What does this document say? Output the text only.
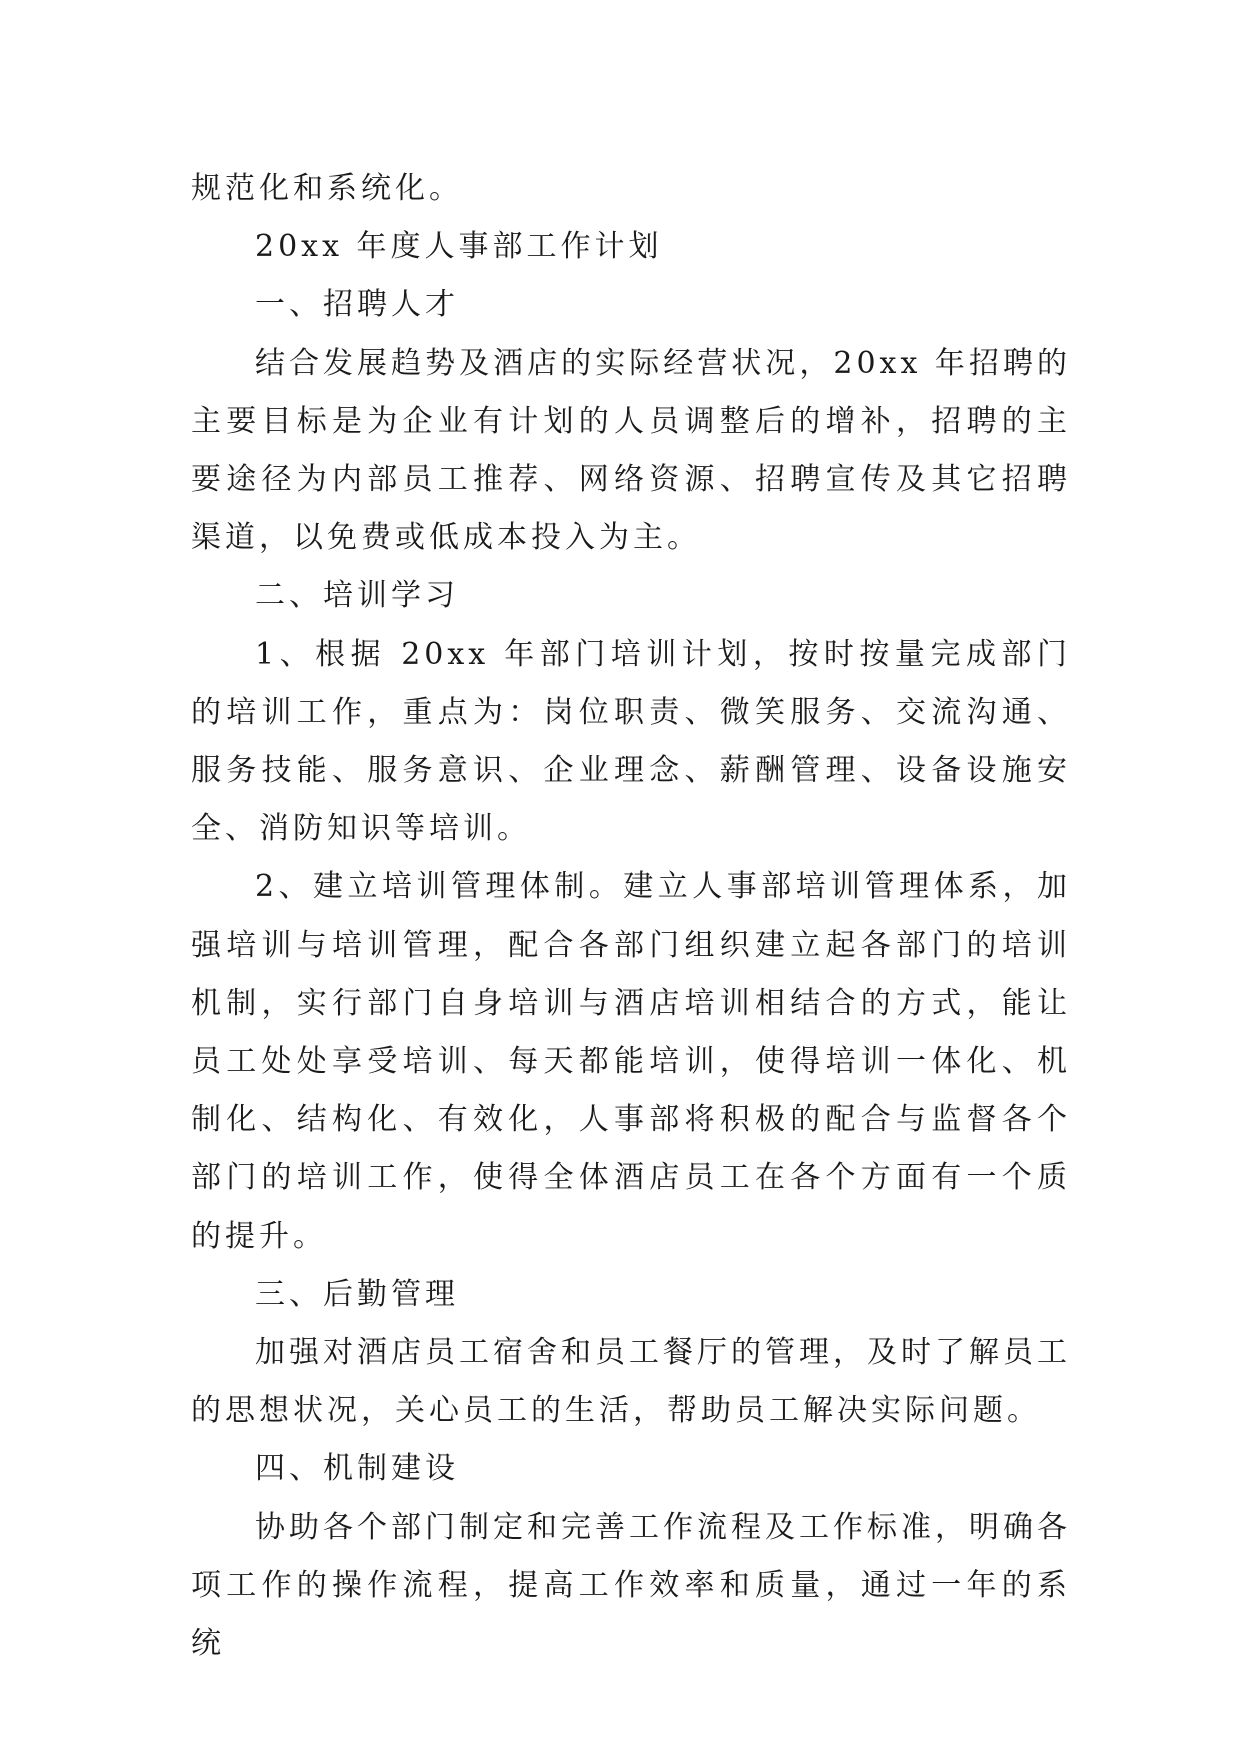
规范化和系统化。

20xx 年度人事部工作计划

一、招聘人才

结合发展趋势及酒店的实际经营状况，20xx 年招聘的主要目标是为企业有计划的人员调整后的增补，招聘的主要途径为内部员工推荐、网络资源、招聘宣传及其它招聘渠道，以免费或低成本投入为主。

二、培训学习

1、根据 20xx 年部门培训计划，按时按量完成部门的培训工作，重点为：岗位职责、微笑服务、交流沟通、服务技能、服务意识、企业理念、薪酬管理、设备设施安全、消防知识等培训。

2、建立培训管理体制。建立人事部培训管理体系，加强培训与培训管理，配合各部门组织建立起各部门的培训机制，实行部门自身培训与酒店培训相结合的方式，能让员工处处享受培训、每天都能培训，使得培训一体化、机制化、结构化、有效化，人事部将积极的配合与监督各个部门的培训工作，使得全体酒店员工在各个方面有一个质的提升。

三、后勤管理

加强对酒店员工宿舍和员工餐厅的管理，及时了解员工的思想状况，关心员工的生活，帮助员工解决实际问题。

四、机制建设

协助各个部门制定和完善工作流程及工作标准，明确各项工作的操作流程，提高工作效率和质量，通过一年的系统
